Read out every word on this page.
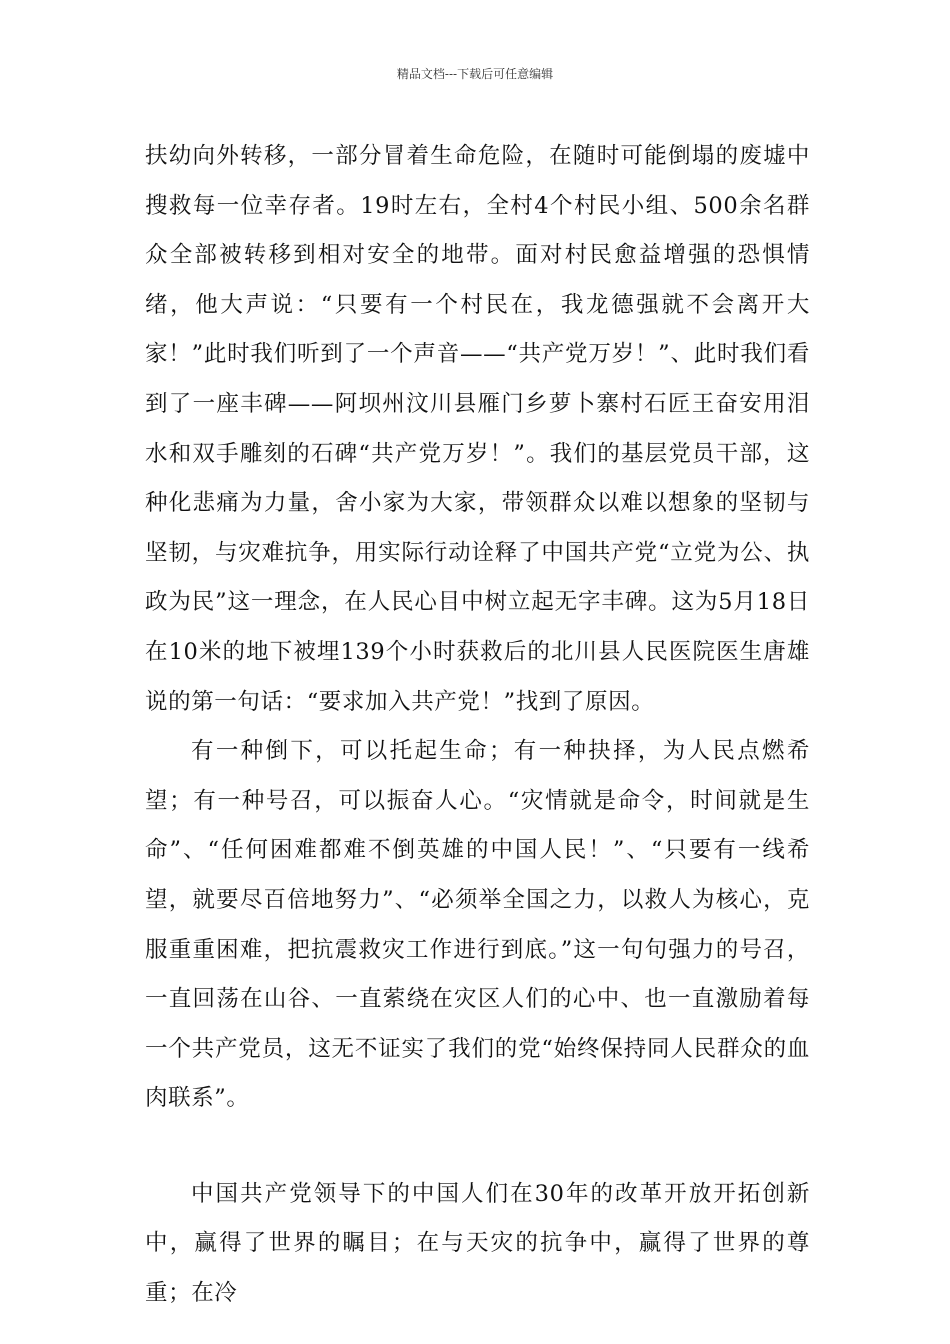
精品文档---下载后可任意编辑

扶幼向外转移，一部分冒着生命危险，在随时可能倒塌的废墟中搜救每一位幸存者。19时左右，全村4个村民小组、500余名群众全部被转移到相对安全的地带。面对村民愈益增强的恐惧情绪，他大声说：“只要有一个村民在，我龙德强就不会离开大家！”此时我们听到了一个声音——“共产党万岁！”、此时我们看到了一座丰碑——阿坝州汶川县雁门乡萝卜寨村石匠王奋安用泪水和双手雕刻的石碑“共产党万岁！”。我们的基层党员干部，这种化悲痛为力量，舍小家为大家，带领群众以难以想象的坚韧与坚韧，与灾难抗争，用实际行动诠释了中国共产党“立党为公、执政为民”这一理念，在人民心目中树立起无字丰碑。这为5月18日在10米的地下被埋139个小时获救后的北川县人民医院医生唐雄说的第一句话：“要求加入共产党！”找到了原因。

有一种倒下，可以托起生命；有一种抉择，为人民点燃希望；有一种号召，可以振奋人心。“灾情就是命令，时间就是生命”、“任何困难都难不倒英雄的中国人民！”、“只要有一线希望，就要尽百倍地努力”、“必须举全国之力，以救人为核心，克服重重困难，把抗震救灾工作进行到底。”这一句句强力的号召，一直回荡在山谷、一直萦绕在灾区人们的心中、也一直激励着每一个共产党员，这无不证实了我们的党“始终保持同人民群众的血肉联系”。

中国共产党领导下的中国人们在30年的改革开放开拓创新中，赢得了世界的瞩目；在与天灾的抗争中，赢得了世界的尊重；在冷
